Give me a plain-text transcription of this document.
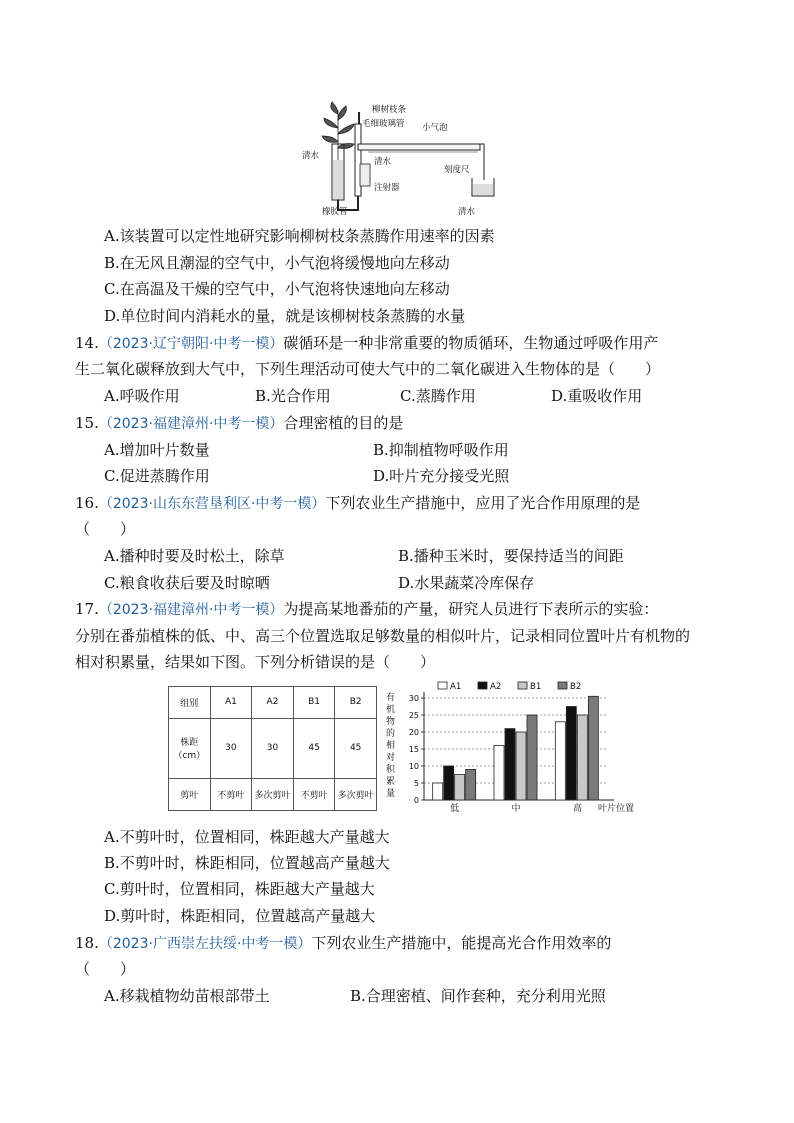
柳树枝条
毛细玻璃管 小气泡
清水
清水
刻度尺
注射器
橡胶管	清水
A.该装置可以定性地研究影响柳树枝条蒸腾作用速率的因素
B.在无风且潮湿的空气中，小气泡将缓慢地向左移动
C.在高温及干燥的空气中，小气泡将快速地向左移动
D.单位时间内消耗水的量，就是该柳树枝条蒸腾的水量
14.（2023·辽宁朝阳·中考一模）碳循环是一种非常重要的物质循环，生物通过呼吸作用产
生二氧化碳释放到大气中，下列生理活动可使大气中的二氧化碳进入生物体的是（　　）
A.呼吸作用	B.光合作用	C.蒸腾作用	D.重吸收作用
15.（2023·福建漳州·中考一模）合理密植的目的是
A.增加叶片数量	B.抑制植物呼吸作用
C.促进蒸腾作用	D.叶片充分接受光照
16.（2023·山东东营垦利区·中考一模）下列农业生产措施中，应用了光合作用原理的是
（　　）
A.播种时要及时松土，除草	B.播种玉米时，要保持适当的间距
C.粮食收获后要及时晾晒	D.水果蔬菜冷库保存
17.（2023·福建漳州·中考一模）为提高某地番茄的产量，研究人员进行下表所示的实验：
分别在番茄植株的低、中、高三个位置选取足够数量的相似叶片，记录相同位置叶片有机物的
相对积累量，结果如下图。下列分析错误的是（　　）
组别	A1	A2	B1	B2
株距（cm）	30	30	45	45
剪叶	不剪叶	多次剪叶	不剪叶	多次剪叶
有
机
物
的
相
对
积
累
量
0
5
10
15
20
25
30
低	中	高 叶片位置
A1	A2	B1	B2
A.不剪叶时，位置相同，株距越大产量越大
B.不剪叶时，株距相同，位置越高产量越大
C.剪叶时，位置相同，株距越大产量越大
D.剪叶时，株距相同，位置越高产量越大
18.（2023·广西崇左扶绥·中考一模）下列农业生产措施中，能提高光合作用效率的
（　　）
A.移栽植物幼苗根部带土	B.合理密植、间作套种，充分利用光照
